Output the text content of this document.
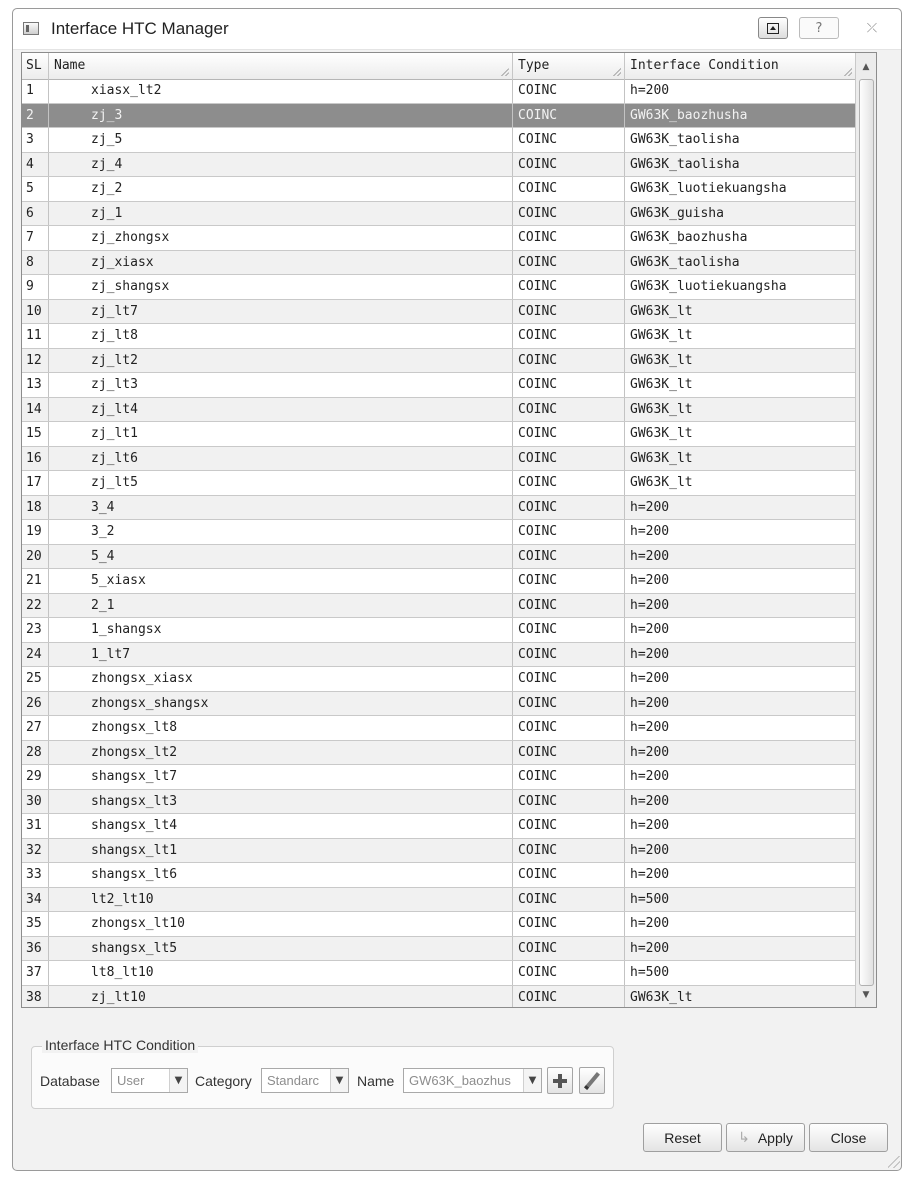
Interface HTC Manager	?	⤫
SL Name	Type	Interface Condition
1	xiasx_lt2	COINC	h=200
2	zj_3	COINC	GW63K_baozhusha
3	zj_5	COINC	GW63K_taolisha
4	zj_4	COINC	GW63K_taolisha
5	zj_2	COINC	GW63K_luotiekuangsha
6	zj_1	COINC	GW63K_guisha
7	zj_zhongsx	COINC	GW63K_baozhusha
8	zj_xiasx	COINC	GW63K_taolisha
9	zj_shangsx	COINC	GW63K_luotiekuangsha
10	zj_lt7	COINC	GW63K_lt
11	zj_lt8	COINC	GW63K_lt
12	zj_lt2	COINC	GW63K_lt
13	zj_lt3	COINC	GW63K_lt
14	zj_lt4	COINC	GW63K_lt
15	zj_lt1	COINC	GW63K_lt
16	zj_lt6	COINC	GW63K_lt
17	zj_lt5	COINC	GW63K_lt
18	3_4	COINC	h=200
19	3_2	COINC	h=200
20	5_4	COINC	h=200
21	5_xiasx	COINC	h=200
22	2_1	COINC	h=200
23	1_shangsx	COINC	h=200
24	1_lt7	COINC	h=200
25	zhongsx_xiasx	COINC	h=200
26	zhongsx_shangsx	COINC	h=200
27	zhongsx_lt8	COINC	h=200
28	zhongsx_lt2	COINC	h=200
29	shangsx_lt7	COINC	h=200
30	shangsx_lt3	COINC	h=200
31	shangsx_lt4	COINC	h=200
32	shangsx_lt1	COINC	h=200
33	shangsx_lt6	COINC	h=200
34	lt2_lt10	COINC	h=500
35	zhongsx_lt10	COINC	h=200
36	shangsx_lt5	COINC	h=200
37	lt8_lt10	COINC	h=500
38	zj_lt10	COINC	GW63K_lt
▲
▼
Interface HTC Condition
Database	User	▼ Category	Standarc	▼ Name	GW63K_baozhus	▼
Reset	↳ Apply	Close
